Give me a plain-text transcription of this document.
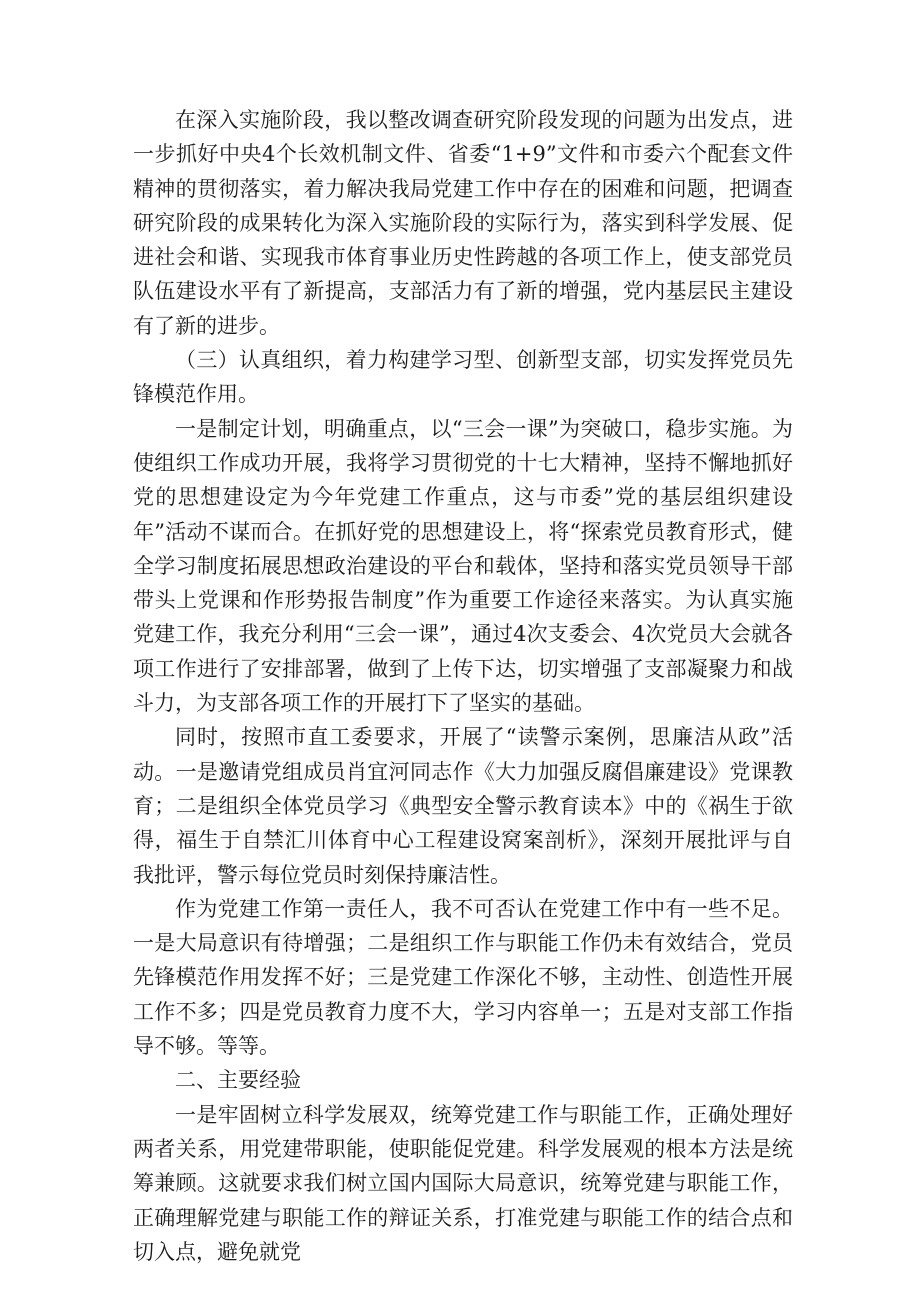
在深入实施阶段，我以整改调查研究阶段发现的问题为出发点，进一步抓好中央4个长效机制文件、省委“1+9”文件和市委六个配套文件精神的贯彻落实，着力解决我局党建工作中存在的困难和问题，把调查研究阶段的成果转化为深入实施阶段的实际行为，落实到科学发展、促进社会和谐、实现我市体育事业历史性跨越的各项工作上，使支部党员队伍建设水平有了新提高，支部活力有了新的增强，党内基层民主建设有了新的进步。

（三）认真组织，着力构建学习型、创新型支部，切实发挥党员先锋模范作用。

一是制定计划，明确重点，以“三会一课”为突破口，稳步实施。为使组织工作成功开展，我将学习贯彻党的十七大精神，坚持不懈地抓好党的思想建设定为今年党建工作重点，这与市委”党的基层组织建设年”活动不谋而合。在抓好党的思想建设上，将“探索党员教育形式，健全学习制度拓展思想政治建设的平台和载体，坚持和落实党员领导干部带头上党课和作形势报告制度”作为重要工作途径来落实。为认真实施党建工作，我充分利用“三会一课”，通过4次支委会、4次党员大会就各项工作进行了安排部署，做到了上传下达，切实增强了支部凝聚力和战斗力，为支部各项工作的开展打下了坚实的基础。

同时，按照市直工委要求，开展了“读警示案例，思廉洁从政”活动。一是邀请党组成员肖宜河同志作《大力加强反腐倡廉建设》党课教育；二是组织全体党员学习《典型安全警示教育读本》中的《祸生于欲得，福生于自禁汇川体育中心工程建设窝案剖析》，深刻开展批评与自我批评，警示每位党员时刻保持廉洁性。

作为党建工作第一责任人，我不可否认在党建工作中有一些不足。一是大局意识有待增强；二是组织工作与职能工作仍未有效结合，党员先锋模范作用发挥不好；三是党建工作深化不够，主动性、创造性开展工作不多；四是党员教育力度不大，学习内容单一；五是对支部工作指导不够。等等。

二、主要经验

一是牢固树立科学发展双，统筹党建工作与职能工作，正确处理好两者关系，用党建带职能，使职能促党建。科学发展观的根本方法是统筹兼顾。这就要求我们树立国内国际大局意识，统筹党建与职能工作，正确理解党建与职能工作的辩证关系，打准党建与职能工作的结合点和切入点，避免就党
